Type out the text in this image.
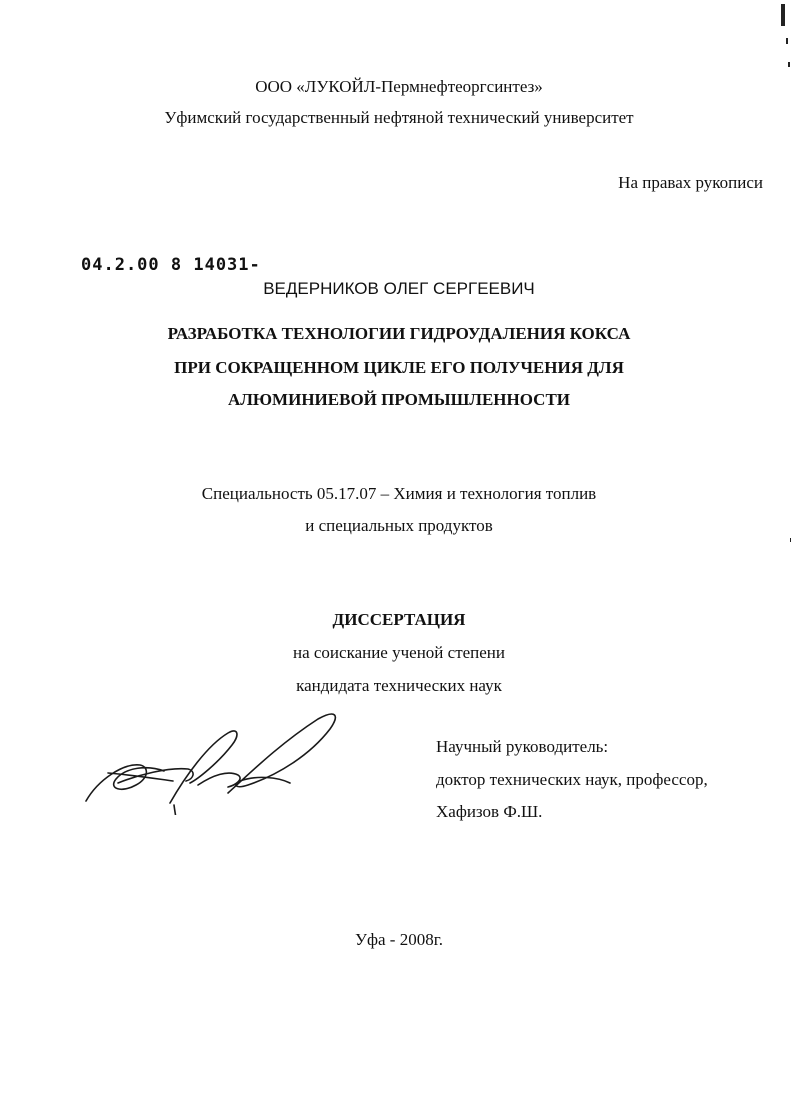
ООО «ЛУКОЙЛ-Пермнефтеоргсинтез»
Уфимский государственный нефтяной технический университет
На правах рукописи
04.2.00 8 14031-
ВЕДЕРНИКОВ ОЛЕГ СЕРГЕЕВИЧ
РАЗРАБОТКА ТЕХНОЛОГИИ ГИДРОУДАЛЕНИЯ КОКСА
ПРИ СОКРАЩЕННОМ ЦИКЛЕ ЕГО ПОЛУЧЕНИЯ ДЛЯ
АЛЮМИНИЕВОЙ ПРОМЫШЛЕННОСТИ
Специальность 05.17.07 – Химия и технология топлив
и специальных продуктов
ДИССЕРТАЦИЯ
на соискание ученой степени
кандидата технических наук
Научный руководитель:
доктор технических наук, профессор,
Хафизов Ф.Ш.
Уфа - 2008г.
